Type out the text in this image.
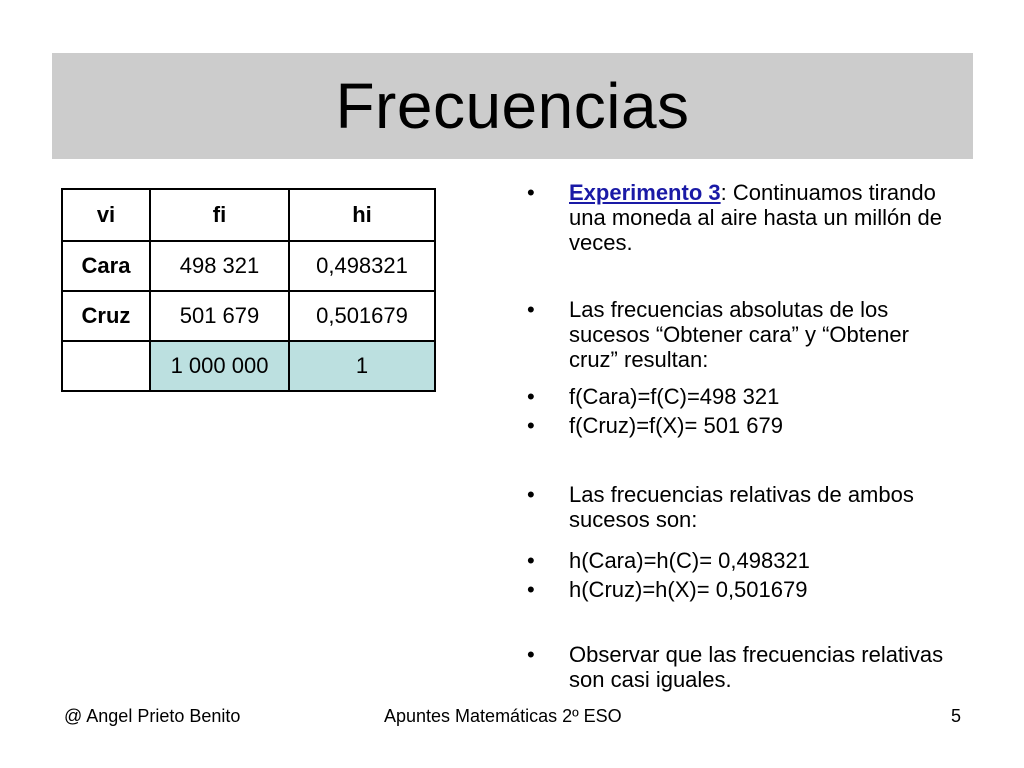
Frecuencias
vi	fi	hi
Cara	498 321	0,498321
Cruz	501 679	0,501679
	1 000 000	1
• Experimento 3: Continuamos tirando una moneda al aire hasta un millón de veces.
• Las frecuencias absolutas de los sucesos “Obtener cara” y “Obtener cruz” resultan:
• f(Cara)=f(C)=498 321
• f(Cruz)=f(X)= 501 679
• Las frecuencias relativas de ambos sucesos son:
• h(Cara)=h(C)= 0,498321
• h(Cruz)=h(X)= 0,501679
• Observar que las frecuencias relativas son casi iguales.
@ Angel Prieto Benito	Apuntes Matemáticas 2º ESO	5
